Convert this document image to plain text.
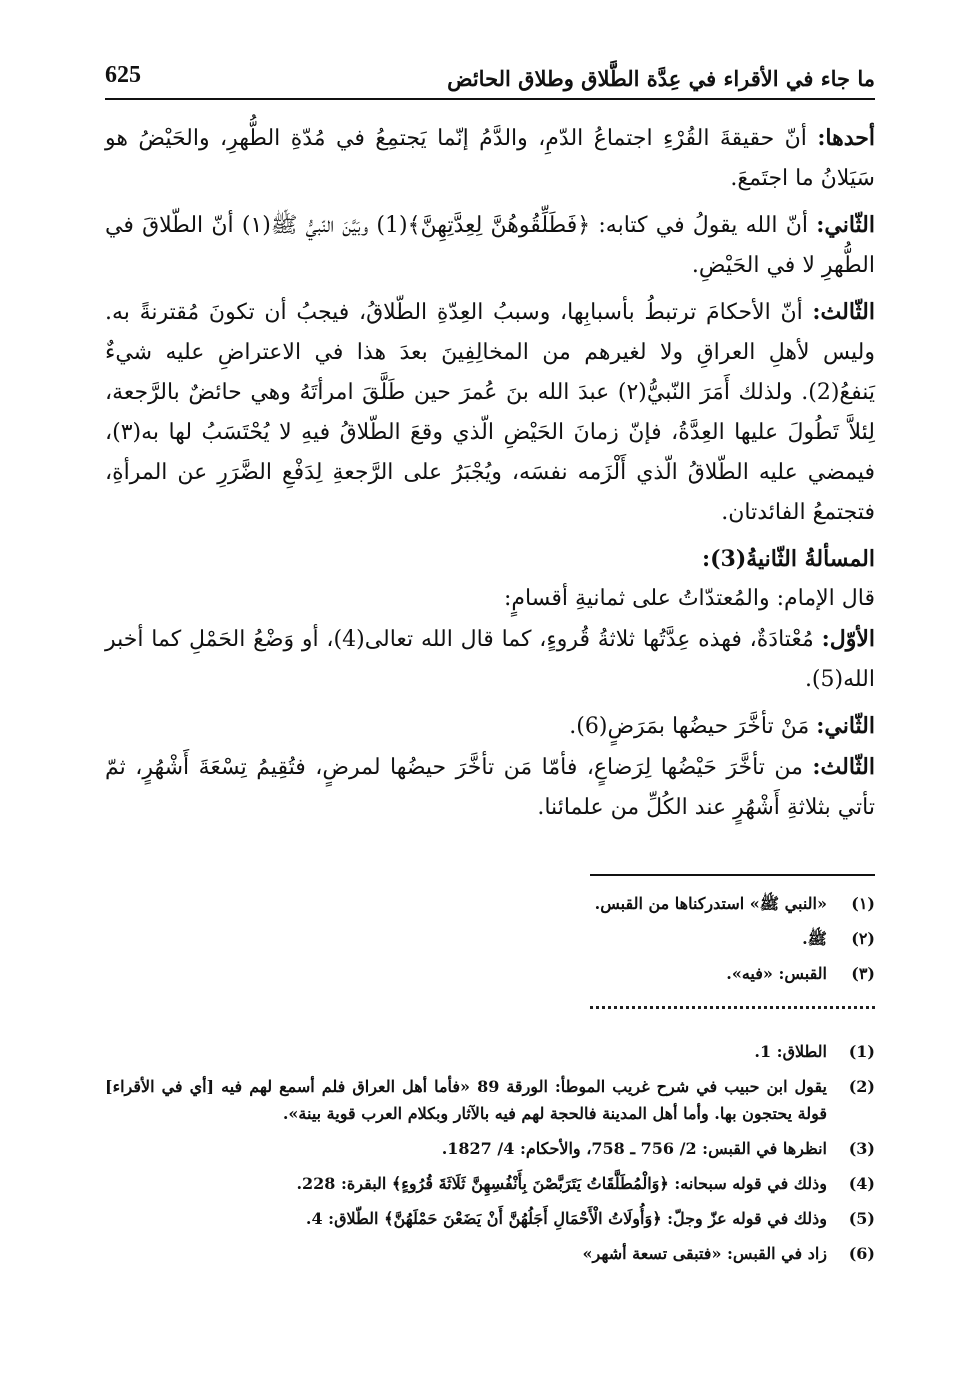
625	ما جاء في الأقراء في عِدَّة الطَّلاق وطلاق الحائض

أحدها: أنّ حقيقةَ القُرْءِ اجتماعُ الدّمِ، والدَّمُ إنّما يَجتمِعُ في مُدّةِ الطُّهرِ، والحَيْضُ هو سَيَلانُ ما اجتَمعَ.

الثّاني: أنّ الله يقولُ في كتابه: ﴿فَطَلِّقُوهُنَّ لِعِدَّتِهِنَّ﴾(1) وبَيَّنَ النّبيُّ ﷺ(١) أنّ الطّلاقَ في الطُّهرِ لا في الحَيْضِ.

الثّالث: أنّ الأحكامَ ترتبطُ بأسبابِها، وسببُ العِدّةِ الطّلاقُ، فيجبُ أن تكونَ مُقترنةً به. وليس لأهلِ العراقِ ولا لغيرهم من المخالِفِينَ بعدَ هذا في الاعتراضِ عليه شيءٌ يَنفعُ(2). ولذلك أَمَرَ النّبيُّ(٢) عبدَ الله بنَ عُمرَ حين طَلَّقَ امرأتَهُ وهي حائضٌ بالرَّجعة، لِئلاَّ تَطُولَ عليها العِدَّةُ، فإنّ زمانَ الحَيْضِ الّذي وقعَ الطّلاقُ فيهِ لا يُحْتَسَبُ لها به(٣)، فيمضي عليه الطّلاقُ الّذي أَلْزَمه نفسَه، ويُجْبَرُ على الرَّجعةِ لِدَفْعِ الضَّرَرِ عن المرأةِ، فتجتمعُ الفائدتان.

المسألةُ الثّانيةُ(3):

قال الإمام: والمُعتدّاتُ على ثمانيةِ أقسامٍ:

الأوّل: مُعْتادَةٌ، فهذه عِدَّتُها ثلاثةُ قُروءٍ، كما قال الله تعالى(4)، أو وَضْعُ الحَمْلِ كما أخبر الله(5).

الثّاني: مَنْ تأخَّرَ حيضُها بمَرَضٍ(6).

الثّالث: من تأخَّرَ حَيْضُها لِرَضاعٍ، فأمّا مَن تأخَّرَ حيضُها لمرضٍ، فتُقِيمُ تِسْعَةَ أَشْهُرٍ، ثمّ تأتي بثلاثةِ أَشْهُرٍ عند الكُلِّ من علمائنا.

(١)
«النبي ﷺ» استدركناها من القبس.
(٢)
ﷺ.
(٣)
القبس: «فيه».
(1)
الطلاق: 1.
(2)
يقول ابن حبيب في شرح غريب الموطأ: الورقة 89 «فأما أهل العراق فلم أسمع لهم فيه [أي في الأقراء] قولة يحتجون بها. وأما أهل المدينة فالحجة لهم فيه بالآثار وبكلام العرب قوية بينة».
(3)
انظرها في القبس: 2/ 756 ـ 758، والأحكام: 4/ 1827.
(4)
وذلك في قوله سبحانه: ﴿وَالْمُطَلَّقَاتُ يَتَرَبَّصْنَ بِأَنْفُسِهِنَّ ثَلَاثَةَ قُرُوءٍ﴾ البقرة: 228.
(5)
وذلك في قوله عزّ وجلّ: ﴿وَأُولَاتُ الْأَحْمَالِ أَجَلُهُنَّ أَنْ يَضَعْنَ حَمْلَهُنَّ﴾ الطّلاق: 4.
(6)
زاد في القبس: «فتبقى تسعة أشهر»
